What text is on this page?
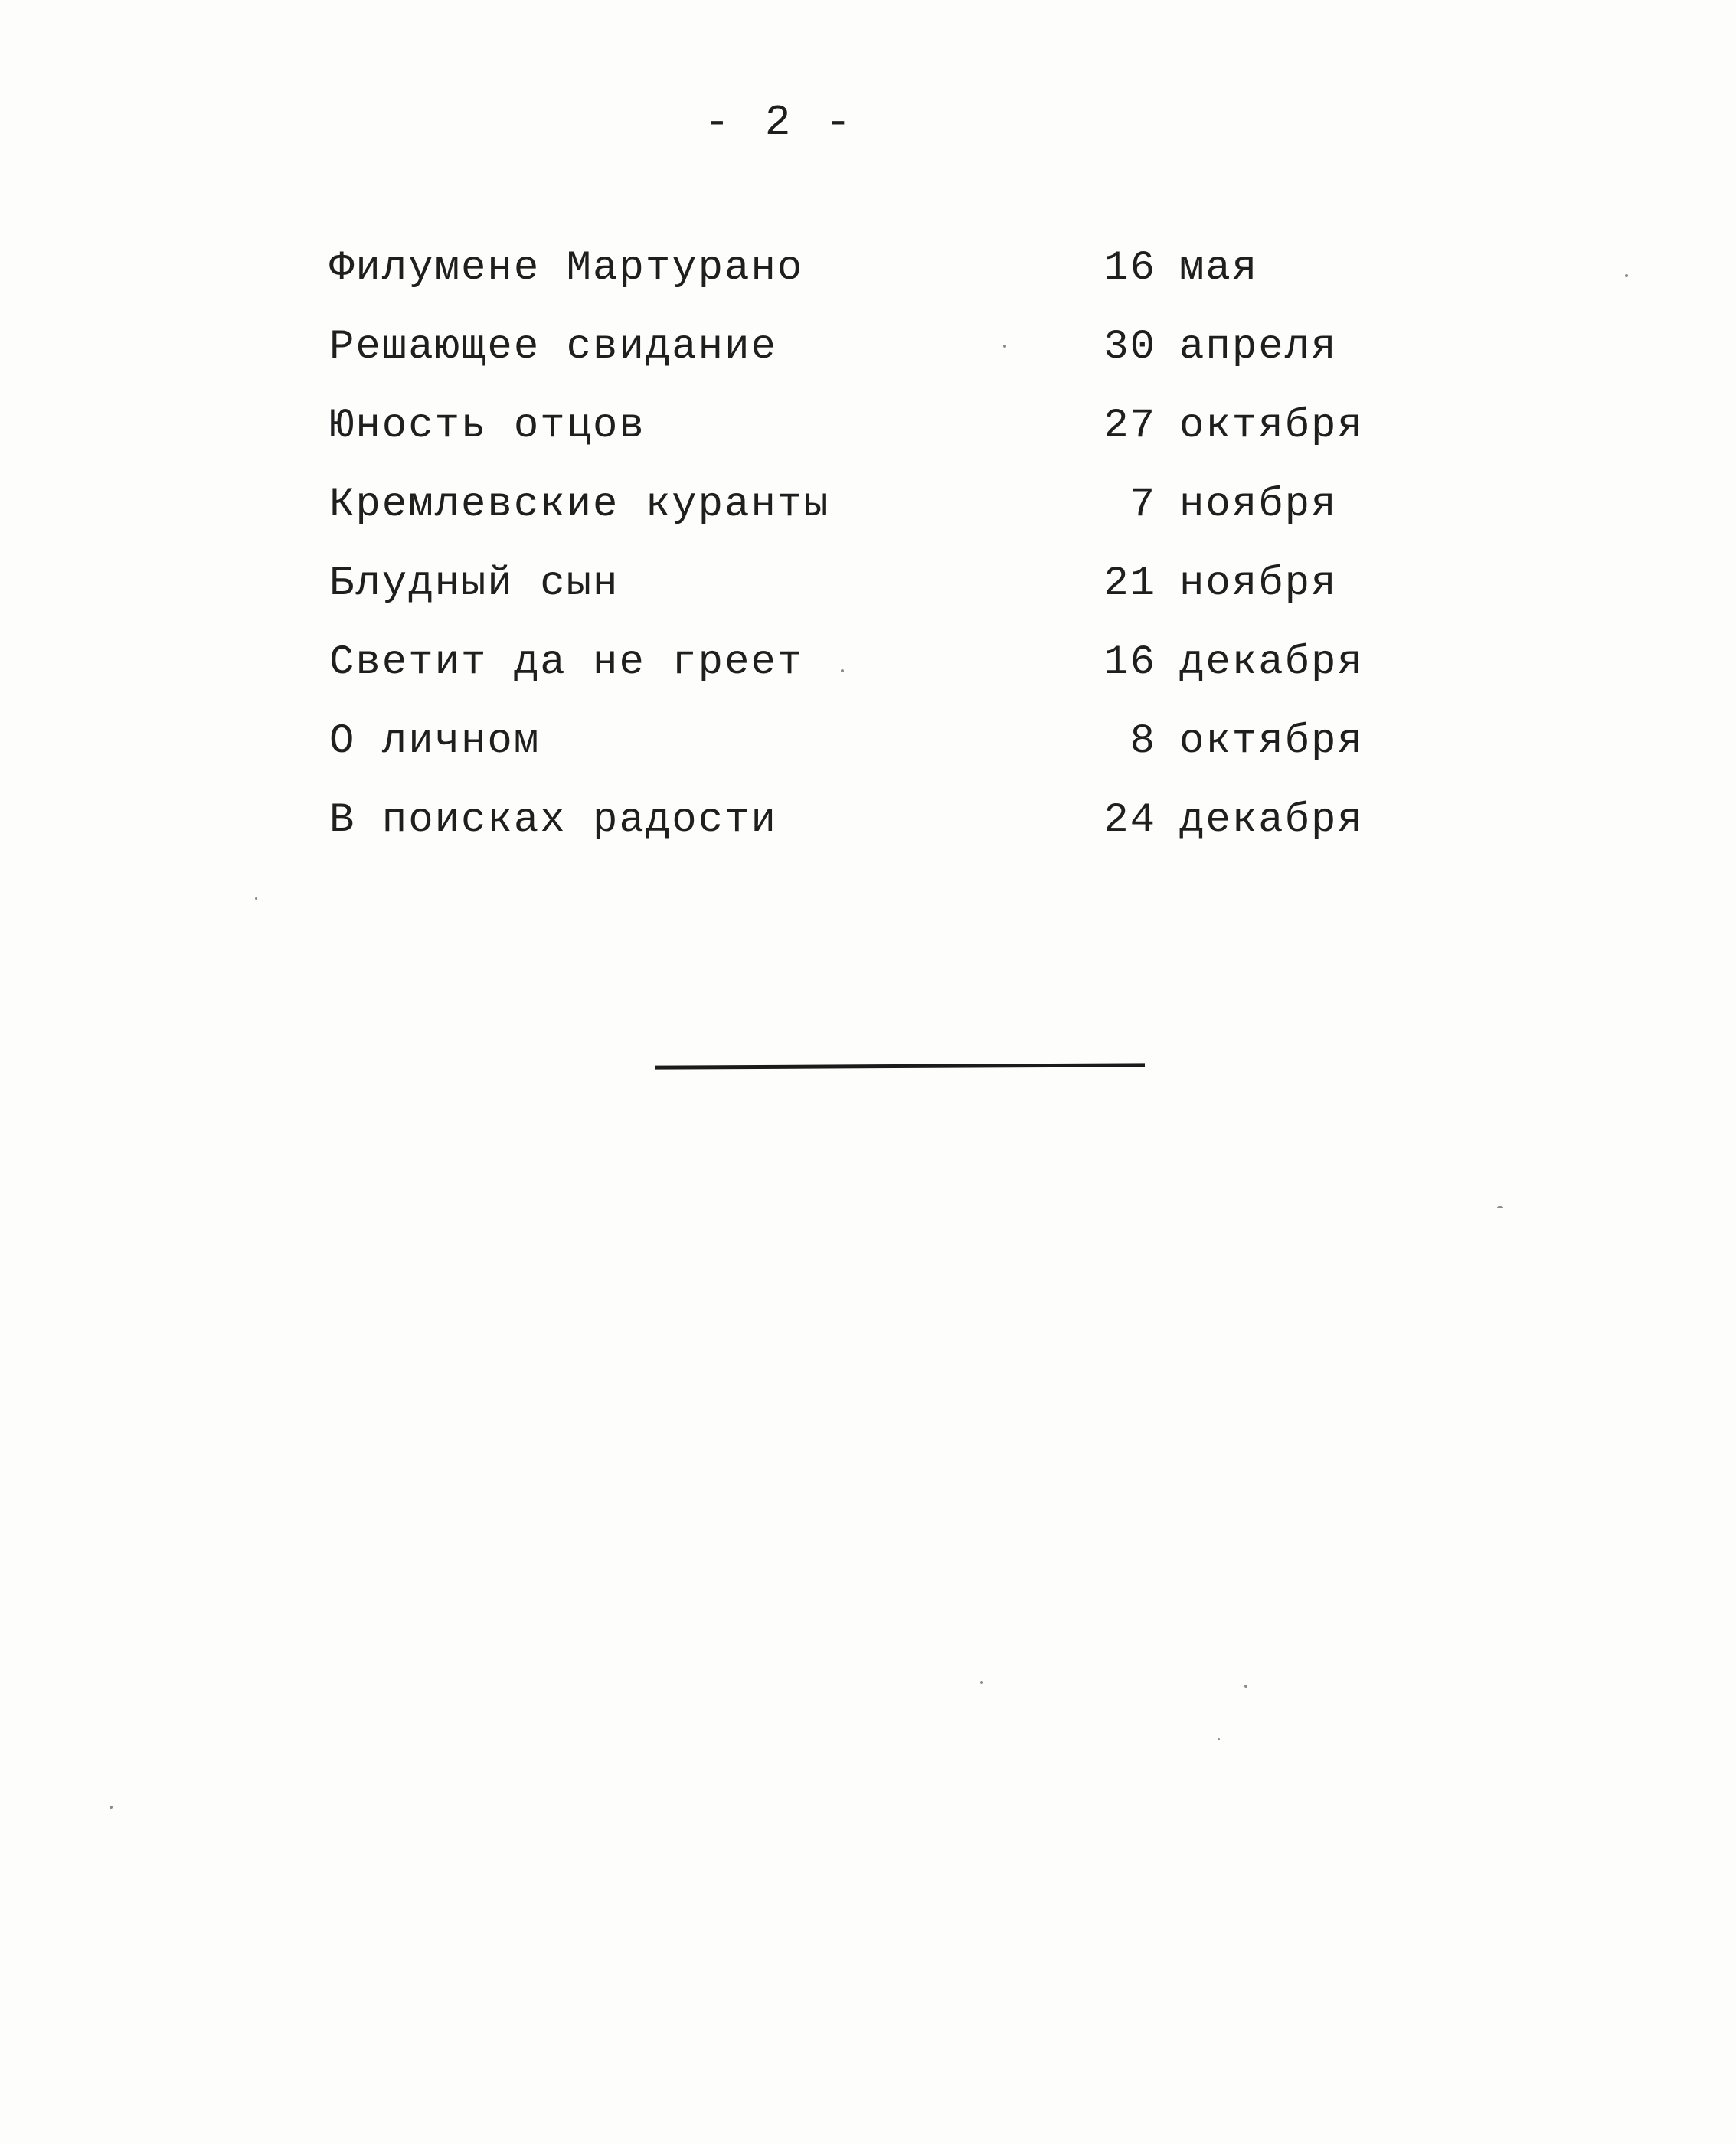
- 2 -
Филумене Мартурано	16 мая
Решающее свидание	30 апреля
Юность отцов	27 октября
Кремлевские куранты	7 ноября
Блудный сын	21 ноября
Светит да не греет	16 декабря
О личном	8 октября
В поисках радости	24 декабря
